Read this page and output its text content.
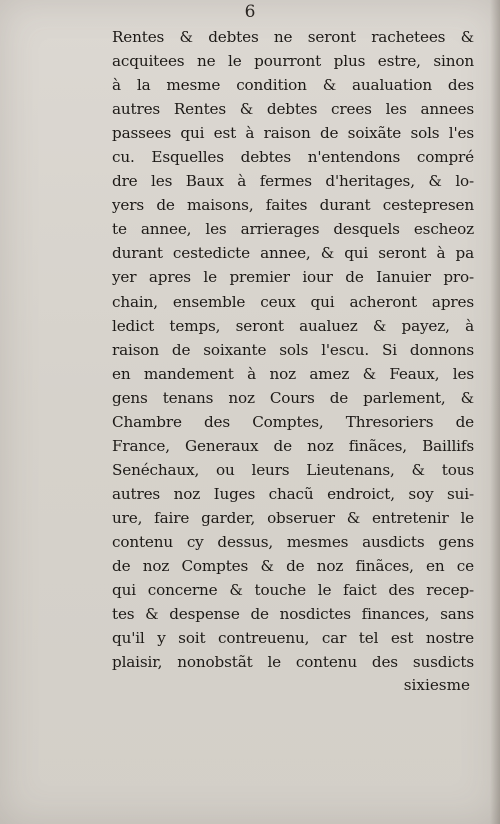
6
Rentes & debtes ne seront rachetees &
acquitees ne le pourront plus estre, sinon
à la mesme condition & aualuation des
autres Rentes & debtes crees les annees
passees qui est à raison de soixãte sols l'es
cu. Esquelles debtes n'entendons compré
dre les Baux à fermes d'heritages, & lo-
yers de maisons, faites durant cestepresen
te annee, les arrierages desquels escheoz
durant cestedicte annee, & qui seront à pa
yer apres le premier iour de Ianuier pro-
chain, ensemble ceux qui acheront apres
ledict temps, seront aualuez & payez, à
raison de soixante sols l'escu. Si donnons
en mandement à noz amez & Feaux, les
gens tenans noz Cours de parlement, &
Chambre des Comptes, Thresoriers de
France, Generaux de noz finãces, Baillifs
Senéchaux, ou leurs Lieutenans, & tous
autres noz Iuges chacũ endroict, soy sui-
ure, faire garder, obseruer & entretenir le
contenu cy dessus, mesmes ausdicts gens
de noz Comptes & de noz finãces, en ce
qui concerne & touche le faict des recep-
tes & despense de nosdictes finances, sans
qu'il y soit contreuenu, car tel est nostre
plaisir, nonobstãt le contenu des susdicts
sixiesme
